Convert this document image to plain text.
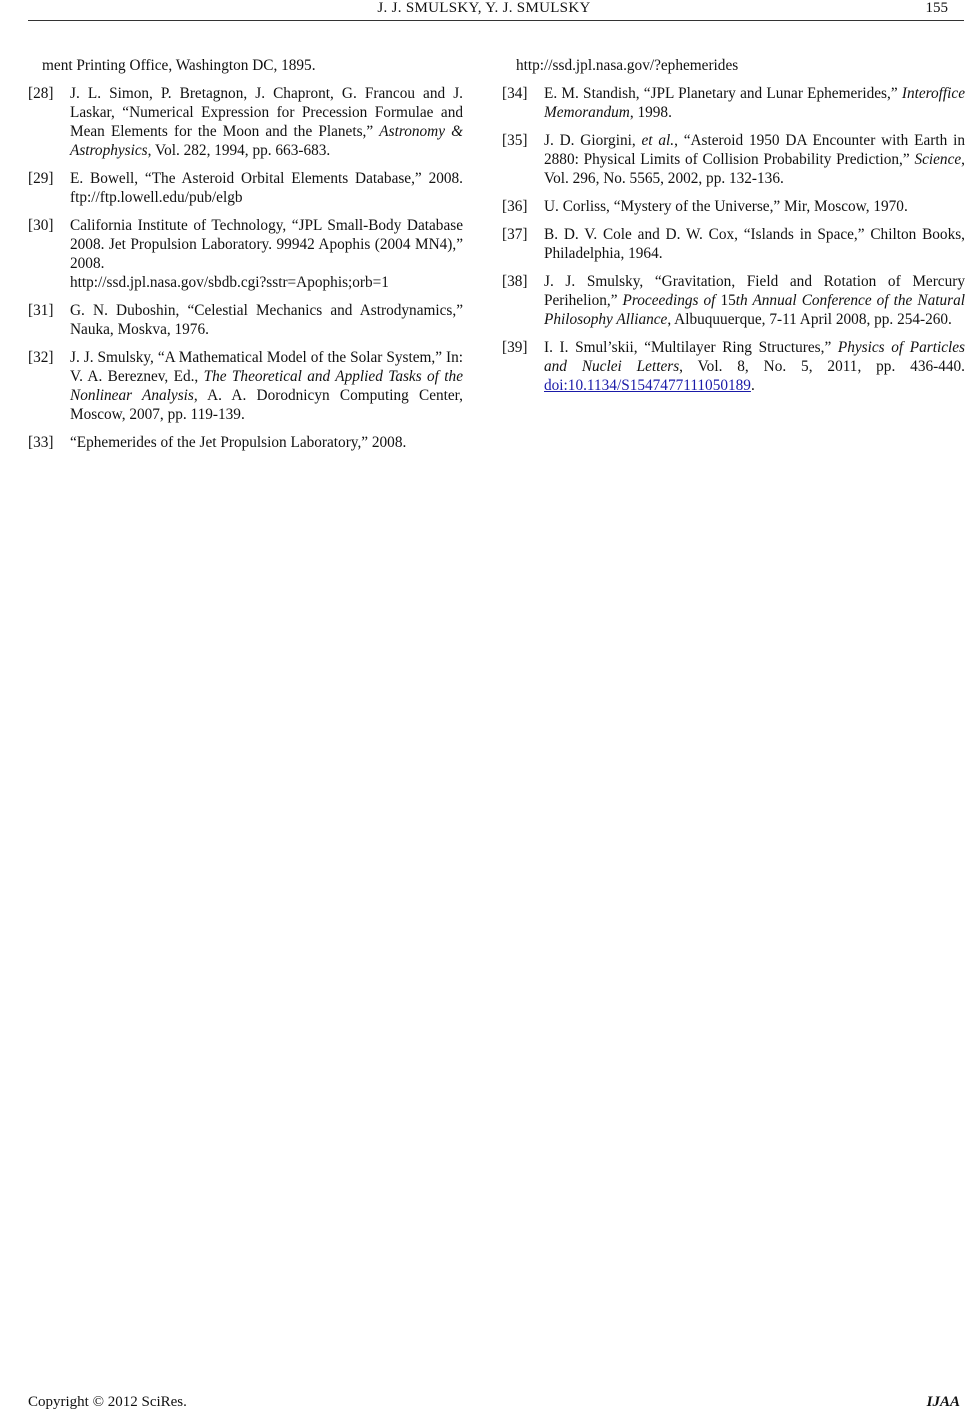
J. J. SMULSKY, Y. J. SMULSKY	155
ment Printing Office, Washington DC, 1895.
[28]	J. L. Simon, P. Bretagnon, J. Chapront, G. Francou and J. Laskar, “Numerical Expression for Precession Formulae and Mean Elements for the Moon and the Planets,” Astronomy & Astrophysics, Vol. 282, 1994, pp. 663-683.
[29]	E. Bowell, “The Asteroid Orbital Elements Database,” 2008. ftp://ftp.lowell.edu/pub/elgb
[30]	California Institute of Technology, “JPL Small-Body Database 2008. Jet Propulsion Laboratory. 99942 Apophis (2004 MN4),” 2008.
http://ssd.jpl.nasa.gov/sbdb.cgi?sstr=Apophis;orb=1
[31]	G. N. Duboshin, “Celestial Mechanics and Astrodynamics,” Nauka, Moskva, 1976.
[32]	J. J. Smulsky, “A Mathematical Model of the Solar System,” In: V. A. Bereznev, Ed., The Theoretical and Applied Tasks of the Nonlinear Analysis, A. A. Dorodnicyn Computing Center, Moscow, 2007, pp. 119-139.
[33]	“Ephemerides of the Jet Propulsion Laboratory,” 2008.
http://ssd.jpl.nasa.gov/?ephemerides
[34]	E. M. Standish, “JPL Planetary and Lunar Ephemerides,” Interoffice Memorandum, 1998.
[35]	J. D. Giorgini, et al., “Asteroid 1950 DA Encounter with Earth in 2880: Physical Limits of Collision Probability Prediction,” Science, Vol. 296, No. 5565, 2002, pp. 132-136.
[36]	U. Corliss, “Mystery of the Universe,” Mir, Moscow, 1970.
[37]	B. D. V. Cole and D. W. Cox, “Islands in Space,” Chilton Books, Philadelphia, 1964.
[38]	J. J. Smulsky, “Gravitation, Field and Rotation of Mercury Perihelion,” Proceedings of 15th Annual Conference of the Natural Philosophy Alliance, Albuquuerque, 7-11 April 2008, pp. 254-260.
[39]	I. I. Smul’skii, “Multilayer Ring Structures,” Physics of Particles and Nuclei Letters, Vol. 8, No. 5, 2011, pp. 436-440. doi:10.1134/S1547477111050189.
Copyright © 2012 SciRes.	IJAA
